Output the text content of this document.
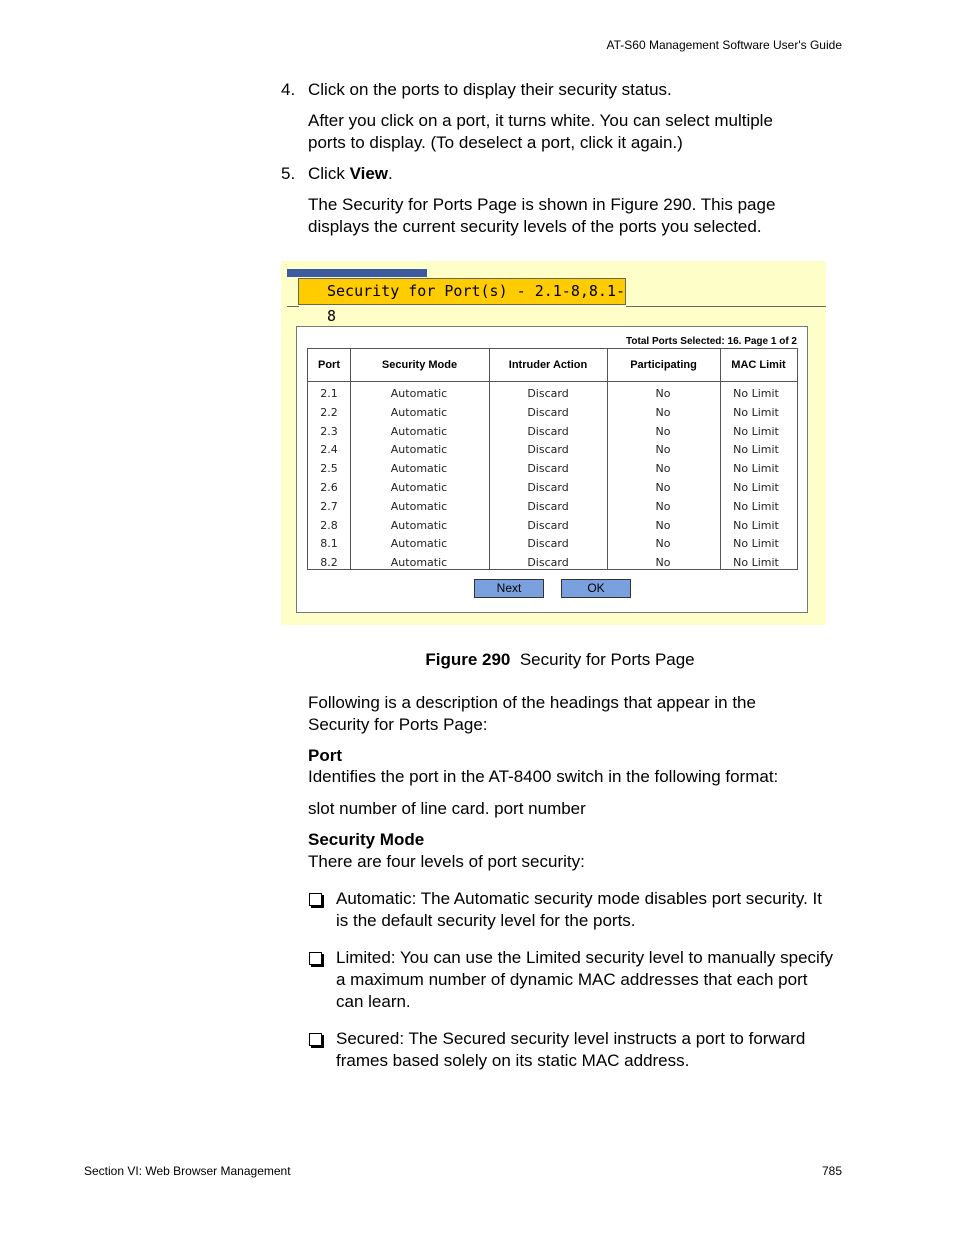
AT-S60 Management Software User's Guide
4. Click on the ports to display their security status.
After you click on a port, it turns white. You can select multiple
ports to display. (To deselect a port, click it again.)
5. Click View.
The Security for Ports Page is shown in Figure 290. This page
displays the current security levels of the ports you selected.
Security for Port(s) - 2.1-8,8.1-8
Total Ports Selected: 16. Page 1 of 2
Port	Security Mode	Intruder Action	Participating	MAC Limit
2.1	Automatic	Discard	No	No Limit
2.2	Automatic	Discard	No	No Limit
2.3	Automatic	Discard	No	No Limit
2.4	Automatic	Discard	No	No Limit
2.5	Automatic	Discard	No	No Limit
2.6	Automatic	Discard	No	No Limit
2.7	Automatic	Discard	No	No Limit
2.8	Automatic	Discard	No	No Limit
8.1	Automatic	Discard	No	No Limit
8.2	Automatic	Discard	No	No Limit
Next	OK
Figure 290 Security for Ports Page
Following is a description of the headings that appear in the
Security for Ports Page:
Port
Identifies the port in the AT-8400 switch in the following format:
slot number of line card. port number
Security Mode
There are four levels of port security:
Automatic: The Automatic security mode disables port security. It
is the default security level for the ports.
Limited: You can use the Limited security level to manually specify
a maximum number of dynamic MAC addresses that each port
can learn.
Secured: The Secured security level instructs a port to forward
frames based solely on its static MAC address.
Section VI: Web Browser Management	785
